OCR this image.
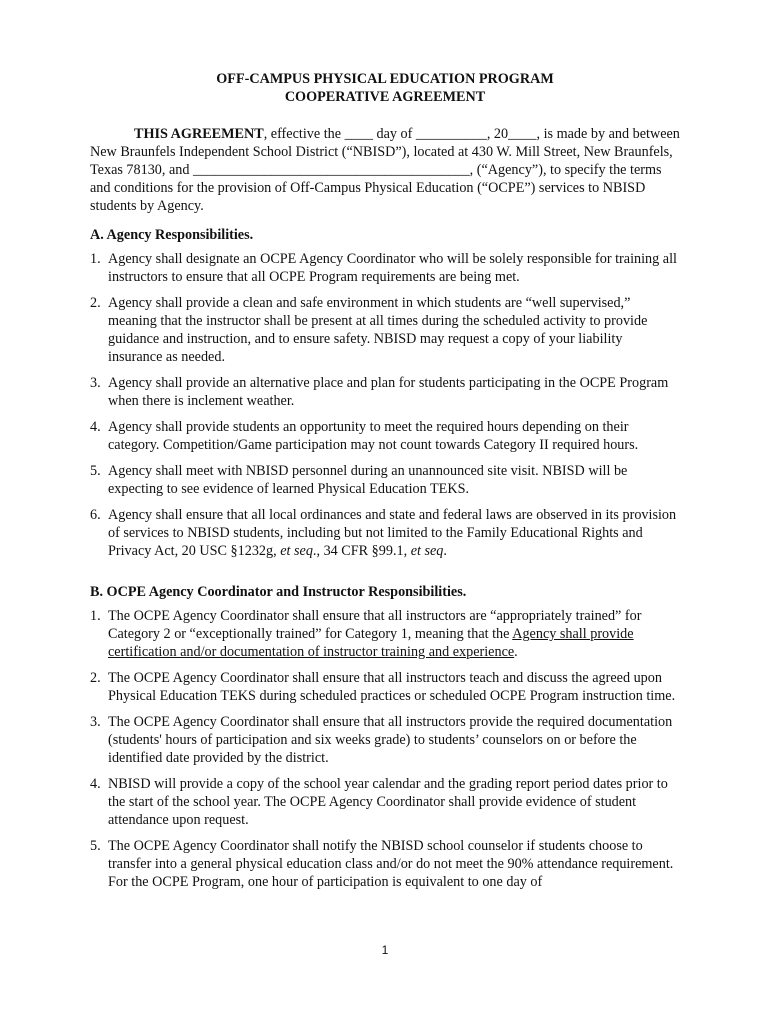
OFF-CAMPUS PHYSICAL EDUCATION PROGRAM

COOPERATIVE AGREEMENT

THIS AGREEMENT, effective the ____ day of __________, 20____, is made by and between New Braunfels Independent School District (“NBISD”), located at 430 W. Mill Street, New Braunfels, Texas 78130, and _______________________________________, (“Agency”), to specify the terms and conditions for the provision of Off-Campus Physical Education (“OCPE”) services to NBISD students by Agency.

A. Agency Responsibilities.
1. Agency shall designate an OCPE Agency Coordinator who will be solely responsible for training all instructors to ensure that all OCPE Program requirements are being met.
2. Agency shall provide a clean and safe environment in which students are “well supervised,” meaning that the instructor shall be present at all times during the scheduled activity to provide guidance and instruction, and to ensure safety. NBISD may request a copy of your liability insurance as needed.
3. Agency shall provide an alternative place and plan for students participating in the OCPE Program when there is inclement weather.
4. Agency shall provide students an opportunity to meet the required hours depending on their category. Competition/Game participation may not count towards Category II required hours.
5. Agency shall meet with NBISD personnel during an unannounced site visit. NBISD will be expecting to see evidence of learned Physical Education TEKS.
6. Agency shall ensure that all local ordinances and state and federal laws are observed in its provision of services to NBISD students, including but not limited to the Family Educational Rights and Privacy Act, 20 USC §1232g, et seq., 34 CFR §99.1, et seq.
B. OCPE Agency Coordinator and Instructor Responsibilities.
1. The OCPE Agency Coordinator shall ensure that all instructors are “appropriately trained” for Category 2 or “exceptionally trained” for Category 1, meaning that the Agency shall provide certification and/or documentation of instructor training and experience.
2. The OCPE Agency Coordinator shall ensure that all instructors teach and discuss the agreed upon Physical Education TEKS during scheduled practices or scheduled OCPE Program instruction time.
3. The OCPE Agency Coordinator shall ensure that all instructors provide the required documentation (students' hours of participation and six weeks grade) to students’ counselors on or before the identified date provided by the district.
4. NBISD will provide a copy of the school year calendar and the grading report period dates prior to the start of the school year. The OCPE Agency Coordinator shall provide evidence of student attendance upon request.
5. The OCPE Agency Coordinator shall notify the NBISD school counselor if students choose to transfer into a general physical education class and/or do not meet the 90% attendance requirement. For the OCPE Program, one hour of participation is equivalent to one day of
1
